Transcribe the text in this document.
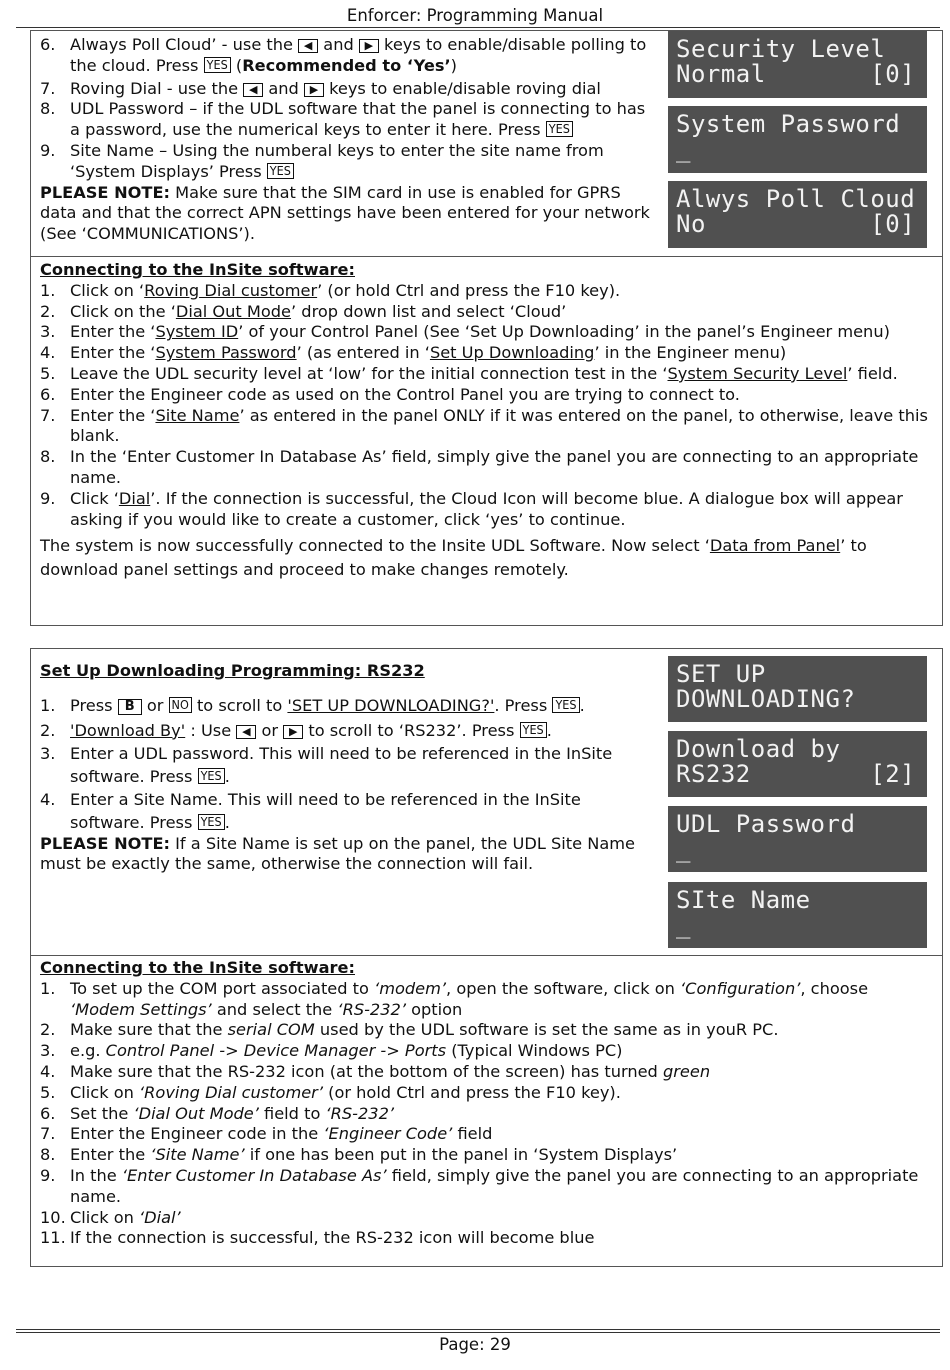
Enforcer: Programming Manual
6. Always Poll Cloud’ - use the ◀ and ▶ keys to enable/disable polling to the cloud. Press YES (Recommended to ‘Yes’)
7. Roving Dial - use the ◀ and ▶ keys to enable/disable roving dial
8. UDL Password – if the UDL software that the panel is connecting to has a password, use the numerical keys to enter it here. Press YES
9. Site Name – Using the numberal keys to enter the site name from ‘System Displays’ Press YES
PLEASE NOTE: Make sure that the SIM card in use is enabled for GPRS data and that the correct APN settings have been entered for your network (See ‘COMMUNICATIONS’).
Security Level
Normal       [0]
System Password
_
Alwys Poll Cloud
No           [0]
Connecting to the InSite software:
1. Click on ‘Roving Dial customer’ (or hold Ctrl and press the F10 key).
2. Click on the ‘Dial Out Mode’ drop down list and select ‘Cloud’
3. Enter the ‘System ID’ of your Control Panel (See ‘Set Up Downloading’ in the panel’s Engineer menu)
4. Enter the ‘System Password’ (as entered in ‘Set Up Downloading’ in the Engineer menu)
5. Leave the UDL security level at ‘low’ for the initial connection test in the ‘System Security Level’ field.
6. Enter the Engineer code as used on the Control Panel you are trying to connect to.
7. Enter the ‘Site Name’ as entered in the panel ONLY if it was entered on the panel, to otherwise, leave this blank.
8. In the ‘Enter Customer In Database As’ field, simply give the panel you are connecting to an appropriate name.
9. Click ‘Dial’. If the connection is successful, the Cloud Icon will become blue. A dialogue box will appear asking if you would like to create a customer, click ‘yes’ to continue.
The system is now successfully connected to the Insite UDL Software. Now select ‘Data from Panel’ to download panel settings and proceed to make changes remotely.
Set Up Downloading Programming: RS232
1. Press B or NO to scroll to 'SET UP DOWNLOADING?'. Press YES .
2. 'Download By' : Use ◀ or ▶ to scroll to ‘RS232’. Press YES .
3. Enter a UDL password. This will need to be referenced in the InSite software. Press YES .
4. Enter a Site Name. This will need to be referenced in the InSite software. Press YES .
PLEASE NOTE: If a Site Name is set up on the panel, the UDL Site Name must be exactly the same, otherwise the connection will fail.
SET UP
DOWNLOADING?
Download by
RS232        [2]
UDL Password
_
SIte Name
_
Connecting to the InSite software:
1. To set up the COM port associated to ‘modem’, open the software, click on ‘Configuration’, choose ‘Modem Settings’ and select the ‘RS-232’ option
2. Make sure that the serial COM used by the UDL software is set the same as in youR PC.
3. e.g. Control Panel -> Device Manager -> Ports (Typical Windows PC)
4. Make sure that the RS-232 icon (at the bottom of the screen) has turned green
5. Click on ‘Roving Dial customer’ (or hold Ctrl and press the F10 key).
6. Set the ‘Dial Out Mode’ field to ‘RS-232’
7. Enter the Engineer code in the ‘Engineer Code’ field
8. Enter the ‘Site Name’ if one has been put in the panel in ‘System Displays’
9. In the ‘Enter Customer In Database As’ field, simply give the panel you are connecting to an appropriate name.
10. Click on ‘Dial’
11. If the connection is successful, the RS-232 icon will become blue
Page: 29
